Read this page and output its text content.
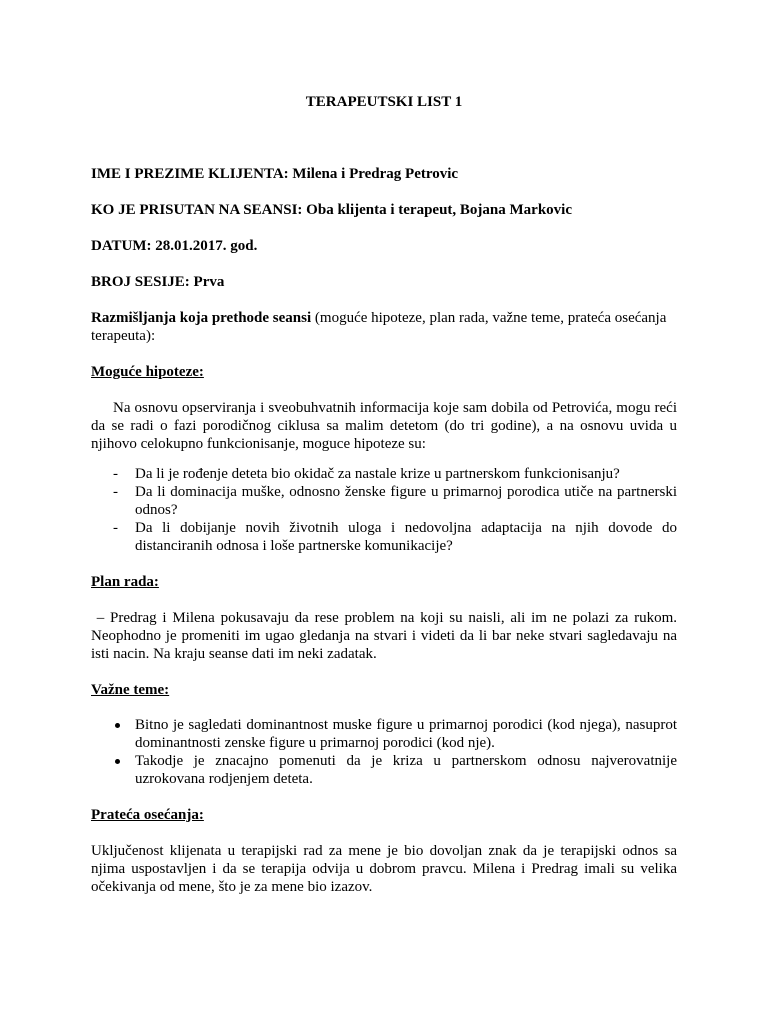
TERAPEUTSKI LIST 1
IME I PREZIME KLIJENTA: Milena i Predrag Petrovic
KO JE PRISUTAN NA SEANSI: Oba klijenta i terapeut, Bojana Markovic
DATUM: 28.01.2017. god.
BROJ SESIJE: Prva
Razmišljanja koja prethode seansi (moguće hipoteze, plan rada, važne teme, prateća osećanja terapeuta):
Moguće hipoteze:
Na osnovu opserviranja i sveobuhvatnih informacija koje sam dobila od Petrovića, mogu reći da se radi o fazi porodičnog ciklusa sa malim detetom (do tri godine), a na osnovu uvida u njihovo celokupno funkcionisanje, moguce hipoteze su:
- Da li je rođenje deteta bio okidač za nastale krize u partnerskom funkcionisanju?
- Da li dominacija muške, odnosno ženske figure u primarnoj porodica utiče na partnerski odnos?
- Da li dobijanje novih životnih uloga i nedovoljna adaptacija na njih dovode do distanciranih odnosa i loše partnerske komunikacije?
Plan rada:
– Predrag i Milena pokusavaju da rese problem na koji su naisli, ali im ne polazi za rukom. Neophodno je promeniti im ugao gledanja na stvari i videti da li bar neke stvari sagledavaju na isti nacin. Na kraju seanse dati im neki zadatak.
Važne teme:
Bitno je sagledati dominantnost muske figure u primarnoj porodici (kod njega), nasuprot dominantnosti zenske figure u primarnoj porodici (kod nje).
Takodje je znacajno pomenuti da je kriza u partnerskom odnosu najverovatnije uzrokovana rodjenjem deteta.
Prateća osećanja:
Uključenost klijenata u terapijski rad za mene je bio dovoljan znak da je terapijski odnos sa njima uspostavljen i da se terapija odvija u dobrom pravcu. Milena i Predrag imali su velika očekivanja od mene, što je za mene bio izazov.
